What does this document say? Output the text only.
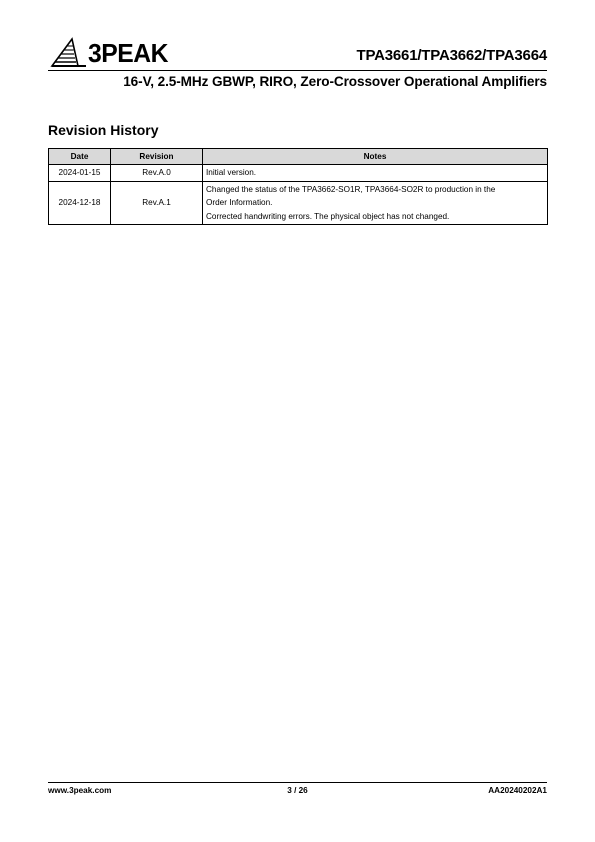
3PEAK	TPA3661/TPA3662/TPA3664
16-V, 2.5-MHz GBWP, RIRO, Zero-Crossover Operational Amplifiers
Revision History
Date	Revision	Notes
2024-01-15	Rev.A.0	Initial version.

2024-12-18	Rev.A.1	Changed the status of the TPA3662-SO1R, TPA3664-SO2R to production in the
Order Information.
Corrected handwriting errors. The physical object has not changed.
www.3peak.com	3 / 26	AA20240202A1
